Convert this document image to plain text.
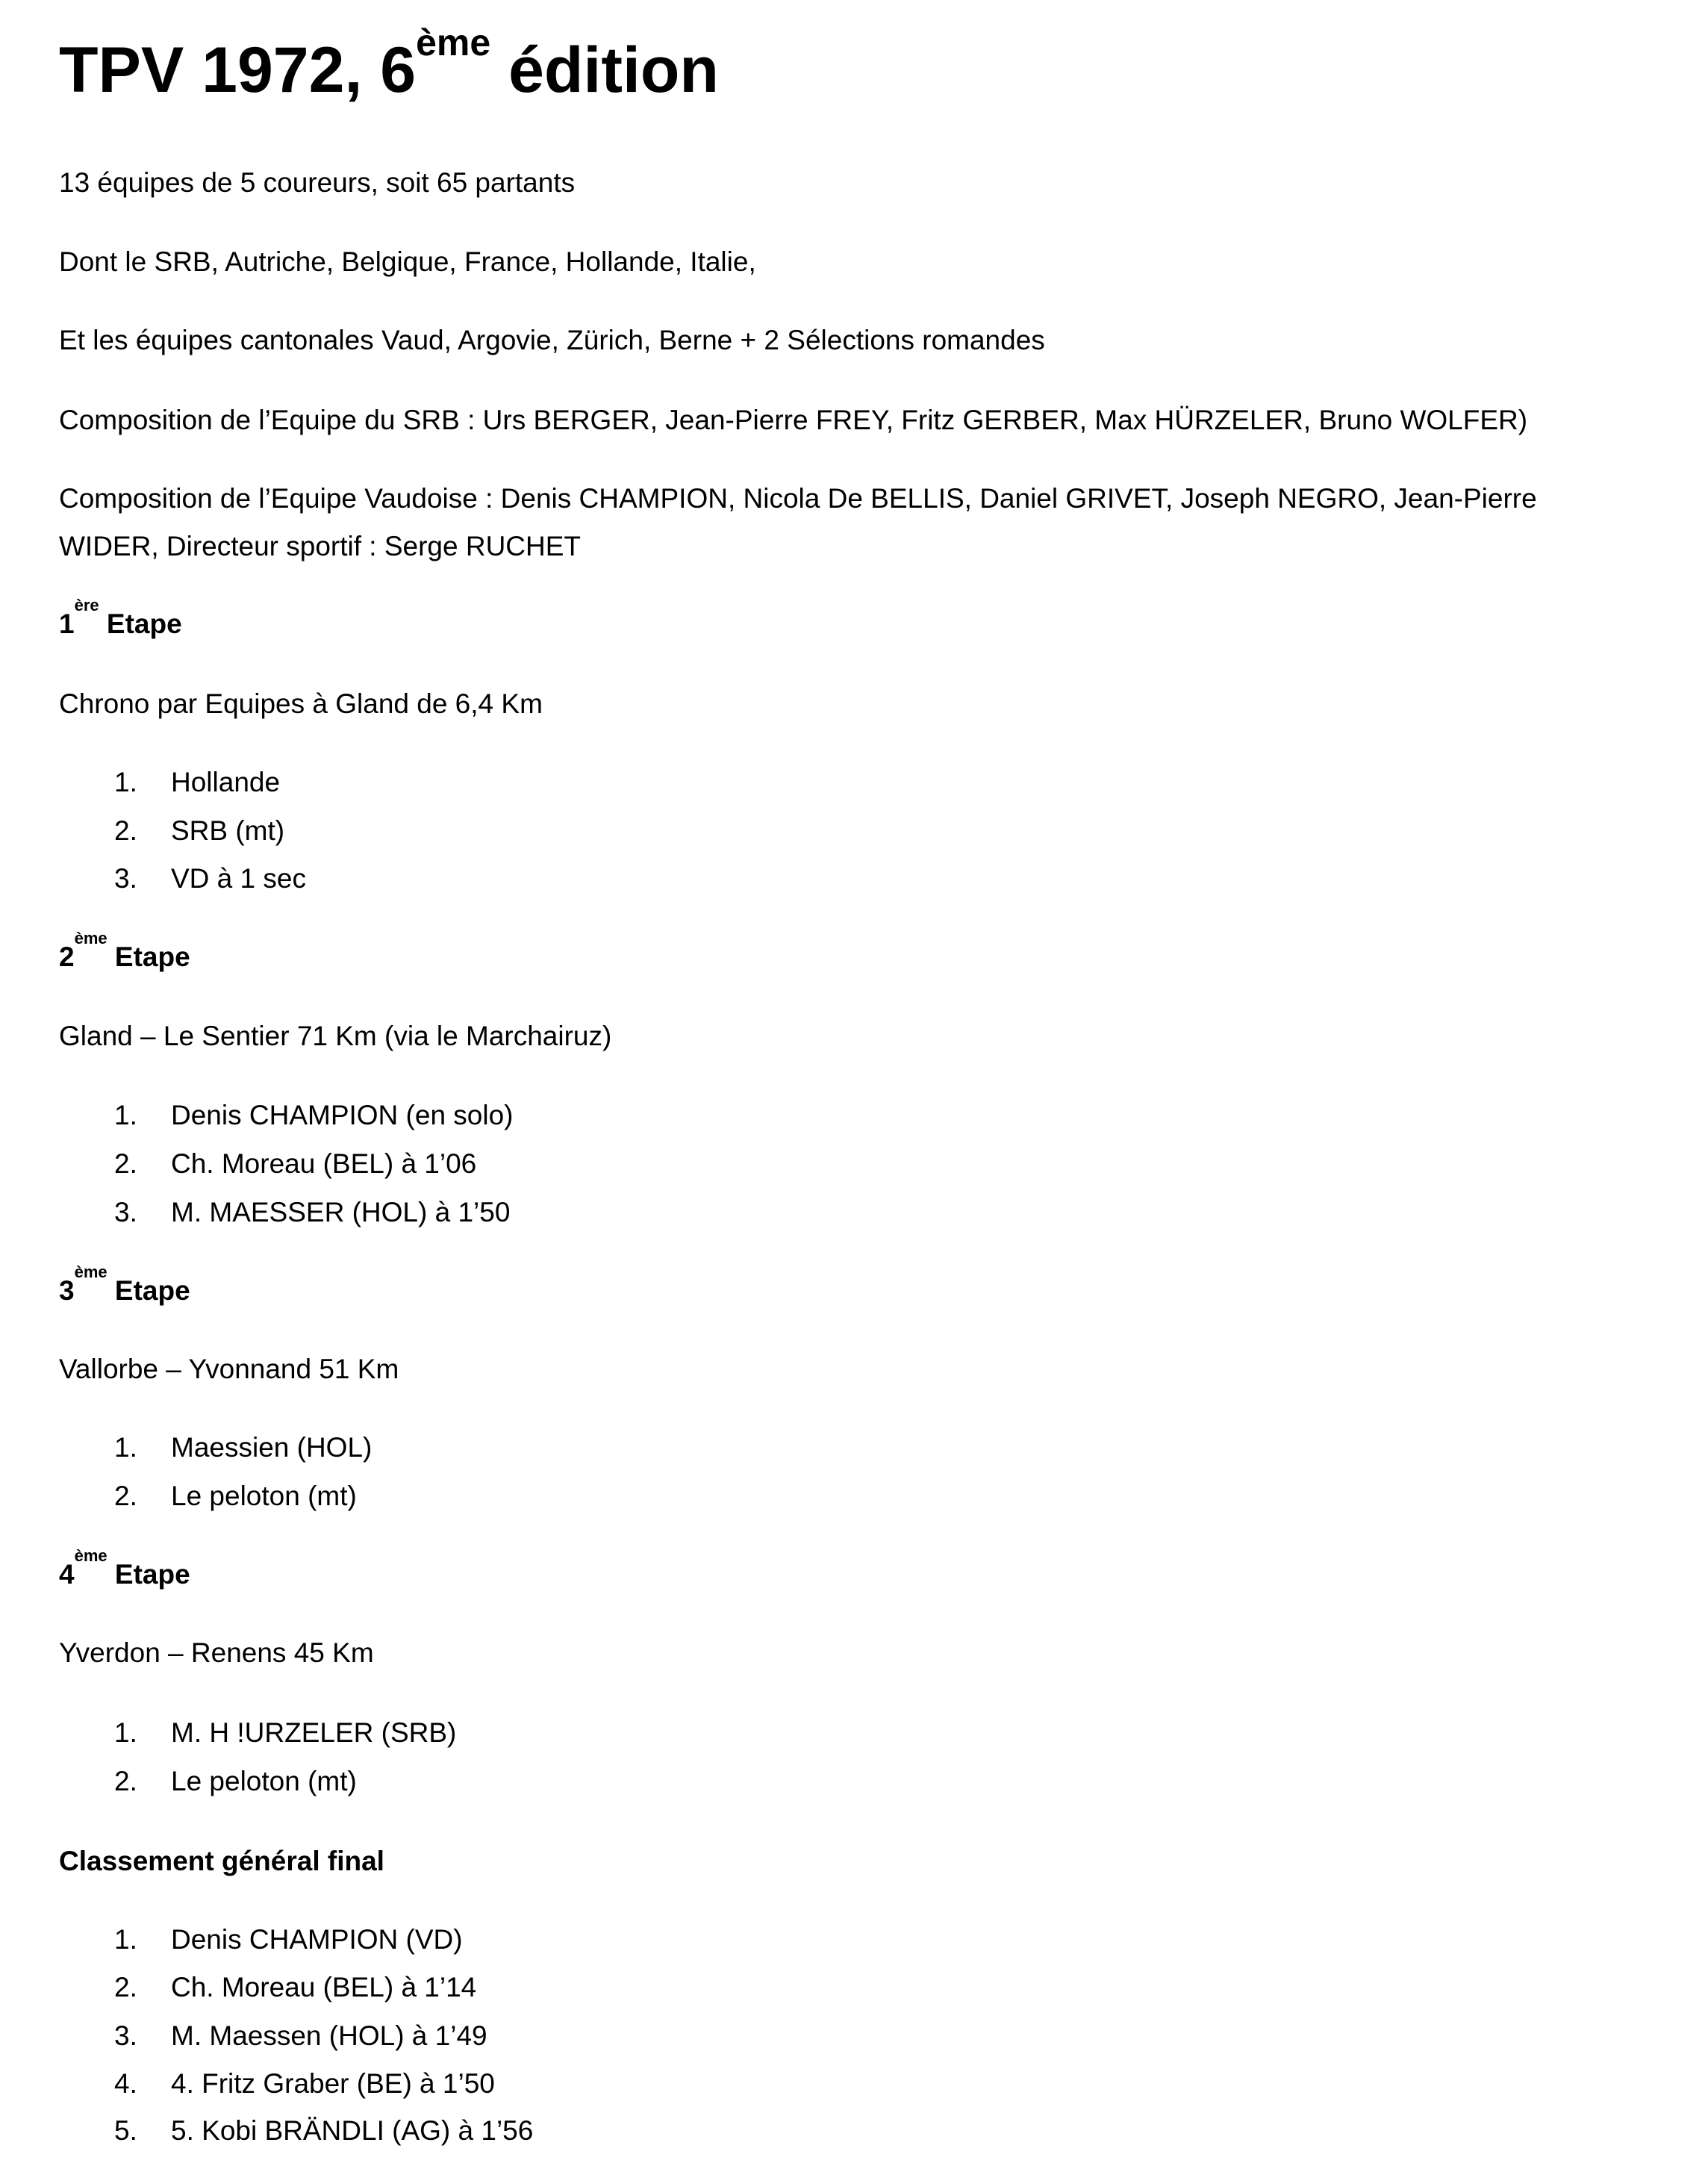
TPV 1972, 6ème édition
13 équipes de 5 coureurs, soit 65 partants
Dont le SRB, Autriche, Belgique, France, Hollande, Italie,
Et les équipes cantonales Vaud, Argovie, Zürich, Berne + 2 Sélections romandes
Composition de l’Equipe du SRB : Urs BERGER, Jean-Pierre FREY, Fritz GERBER, Max HÜRZELER, Bruno WOLFER)
Composition de l’Equipe Vaudoise : Denis CHAMPION, Nicola De BELLIS, Daniel GRIVET, Joseph NEGRO, Jean-Pierre WIDER, Directeur sportif : Serge RUCHET
1ère Etape
Chrono par Equipes à Gland de 6,4 Km
1. Hollande
2. SRB (mt)
3. VD à 1 sec
2ème Etape
Gland – Le Sentier 71 Km (via le Marchairuz)
1. Denis CHAMPION (en solo)
2. Ch. Moreau (BEL) à 1’06
3. M. MAESSER (HOL) à 1’50
3ème Etape
Vallorbe – Yvonnand 51 Km
1. Maessien (HOL)
2. Le peloton (mt)
4ème Etape
Yverdon – Renens 45 Km
1. M. H !URZELER (SRB)
2. Le peloton (mt)
Classement général final
1. Denis CHAMPION (VD)
2. Ch. Moreau (BEL) à 1’14
3. M. Maessen (HOL) à 1’49
4. 4. Fritz Graber (BE) à 1’50
5. 5. Kobi BRÄNDLI (AG) à 1’56
